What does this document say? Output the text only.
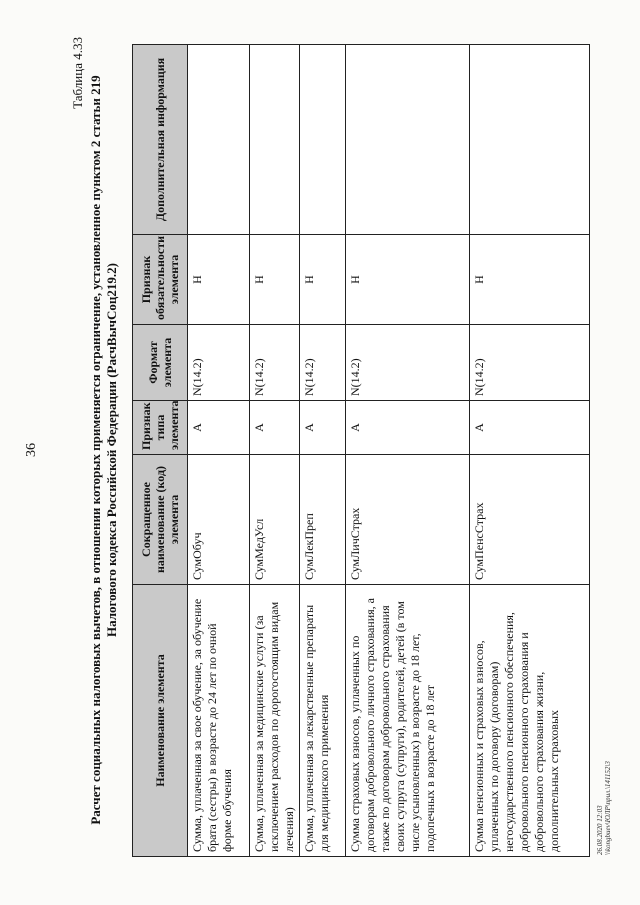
36
Таблица 4.33
Расчет социальных налоговых вычетов, в отношении которых применяется ограничение, установленное пунктом 2 статьи 219 Налогового кодекса Российской Федерации (РасчВычСоц219.2)
Наименование элемента	Сокращенное наименование (код) элемента	Признак типа элемента	Формат элемента	Признак обязательности элемента	Дополнительная информация
Сумма, уплаченная за свое обучение, за обучение брата (сестры) в возрасте до 24 лет по очной форме обучения	СумОбуч	А	N(14.2)	Н	
Сумма, уплаченная за медицинские услуги (за исключением расходов по дорогостоящим видам лечения)	СумМедУсл	А	N(14.2)	Н	
Сумма, уплаченная за лекарственные препараты для медицинского применения	СумЛекПреп	А	N(14.2)	Н	
Сумма страховых взносов, уплаченных по договорам добровольного личного страхования, а также по договорам добровольного страхования своих супруга (супруги), родителей, детей (в том числе усыновленных) в возрасте до 18 лет, подопечных в возрасте до 18 лет	СумЛичСтрах	А	N(14.2)	Н	
Сумма пенсионных и страховых взносов, уплаченных по договору (договорам) негосударственного пенсионного обеспечения, добровольного пенсионного страхования и добровольного страхования жизни, дополнительных страховых	СумПенсСтрах	А	N(14.2)	Н	
26.08.2020 12:03 \\kongbuev\ЮЛР\прил.\141152\3
